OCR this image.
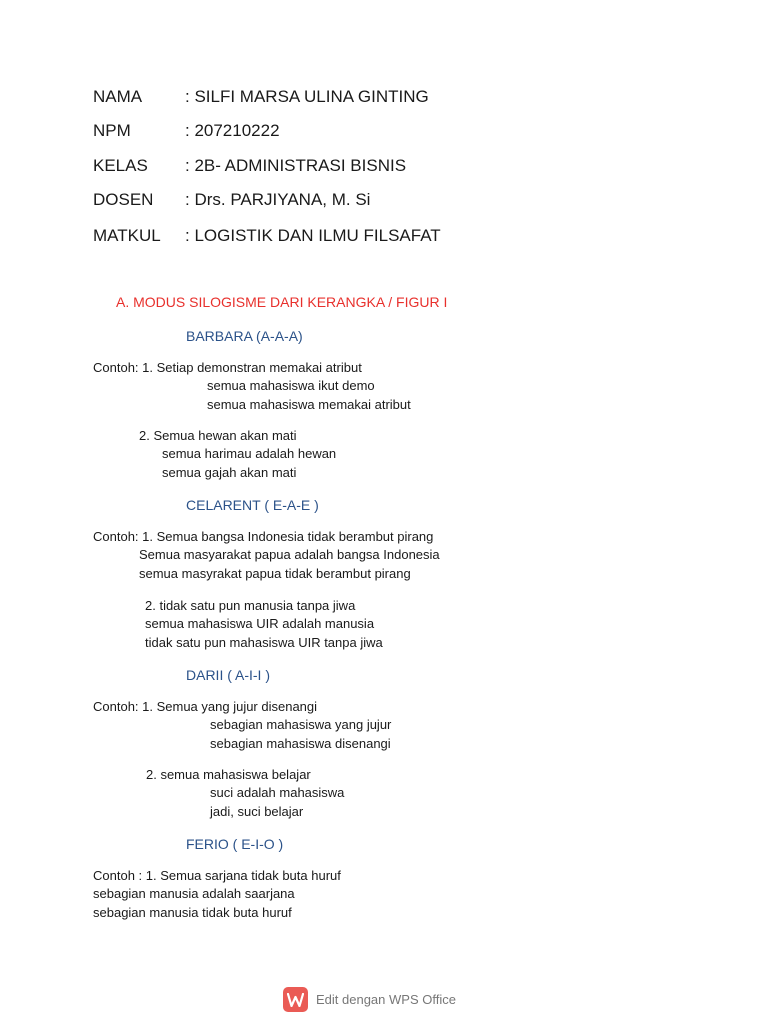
NAMA	: SILFI MARSA ULINA GINTING
NPM	: 207210222
KELAS : 2B- ADMINISTRASI BISNIS
DOSEN : Drs. PARJIYANA, M. Si
MATKUL : LOGISTIK DAN ILMU FILSAFAT
A. MODUS SILOGISME DARI KERANGKA / FIGUR I
BARBARA (A-A-A)
Contoh: 1. Setiap demonstran memakai atribut
semua mahasiswa ikut demo
semua mahasiswa memakai atribut
2. Semua hewan akan mati
semua harimau adalah hewan
semua gajah akan mati
CELARENT ( E-A-E )
Contoh: 1. Semua bangsa Indonesia tidak berambut pirang
Semua masyarakat papua adalah bangsa Indonesia
semua masyrakat papua tidak berambut pirang
2. tidak satu pun manusia tanpa jiwa
semua mahasiswa UIR adalah manusia
tidak satu pun mahasiswa UIR tanpa jiwa
DARII ( A-I-I )
Contoh: 1. Semua yang jujur disenangi
sebagian mahasiswa yang jujur
sebagian mahasiswa disenangi
2. semua mahasiswa belajar
suci adalah mahasiswa
jadi, suci belajar
FERIO ( E-I-O )
Contoh : 1. Semua sarjana tidak buta huruf
sebagian manusia adalah saarjana
sebagian manusia tidak buta huruf
Edit dengan WPS Office
